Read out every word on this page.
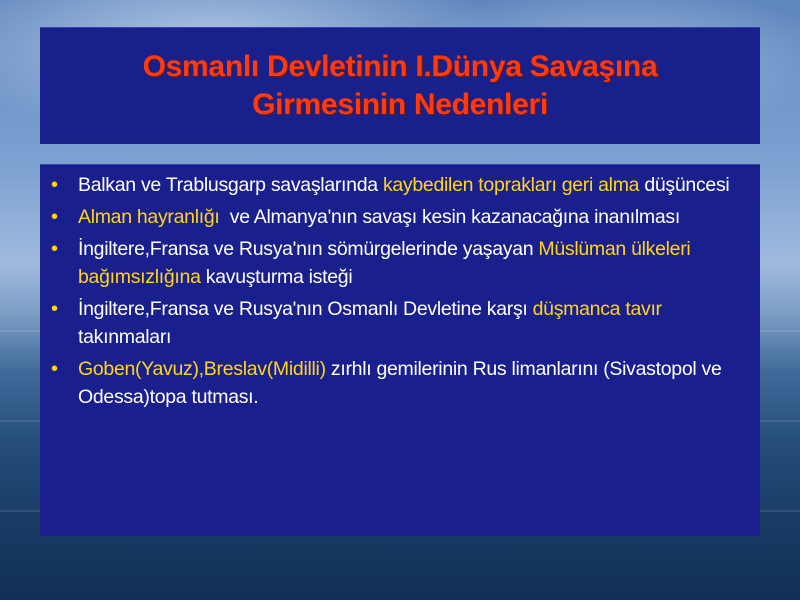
Osmanlı Devletinin I.Dünya Savaşına
Girmesinin Nedenleri
• Balkan ve Trablusgarp savaşlarında kaybedilen toprakları geri alma düşüncesi
• Alman hayranlığı  ve Almanya'nın savaşı kesin kazanacağına inanılması
• İngiltere,Fransa ve Rusya'nın sömürgelerinde yaşayan Müslüman ülkeleri bağımsızlığına kavuşturma isteği
• İngiltere,Fransa ve Rusya'nın Osmanlı Devletine karşı düşmanca tavır takınmaları
• Goben(Yavuz),Breslav(Midilli) zırhlı gemilerinin Rus limanlarını (Sivastopol ve Odessa)topa tutması.
